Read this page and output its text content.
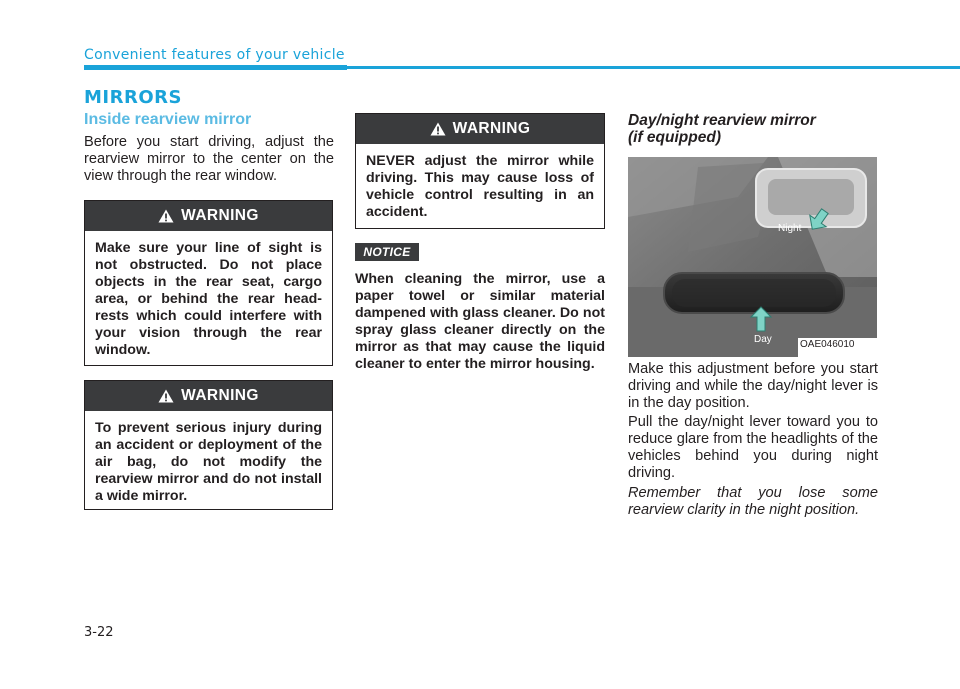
Convenient features of your vehicle
MIRRORS
Inside rearview mirror

Before you start driving, adjust the rearview mirror to the center on the view through the rear window.

WARNING
Make sure your line of sight is not obstructed. Do not place objects in the rear seat, cargo area, or behind the rear head-rests which could interfere with your vision through the rear window.
WARNING
To prevent serious injury during an accident or deployment of the air bag, do not modify the rearview mirror and do not install a wide mirror.
WARNING
NEVER adjust the mirror while driving. This may cause loss of vehicle control resulting in an accident.
NOTICE

When cleaning the mirror, use a paper towel or similar material dampened with glass cleaner. Do not spray glass cleaner directly on the mirror as that may cause the liquid cleaner to enter the mirror housing.

Day/night rearview mirror
(if equipped)
Night
Day	OAE046010

Make this adjustment before you start driving and while the day/night lever is in the day position.

Pull the day/night lever toward you to reduce glare from the headlights of the vehicles behind you during night driving.

Remember that you lose some rearview clarity in the night position.

3-22
